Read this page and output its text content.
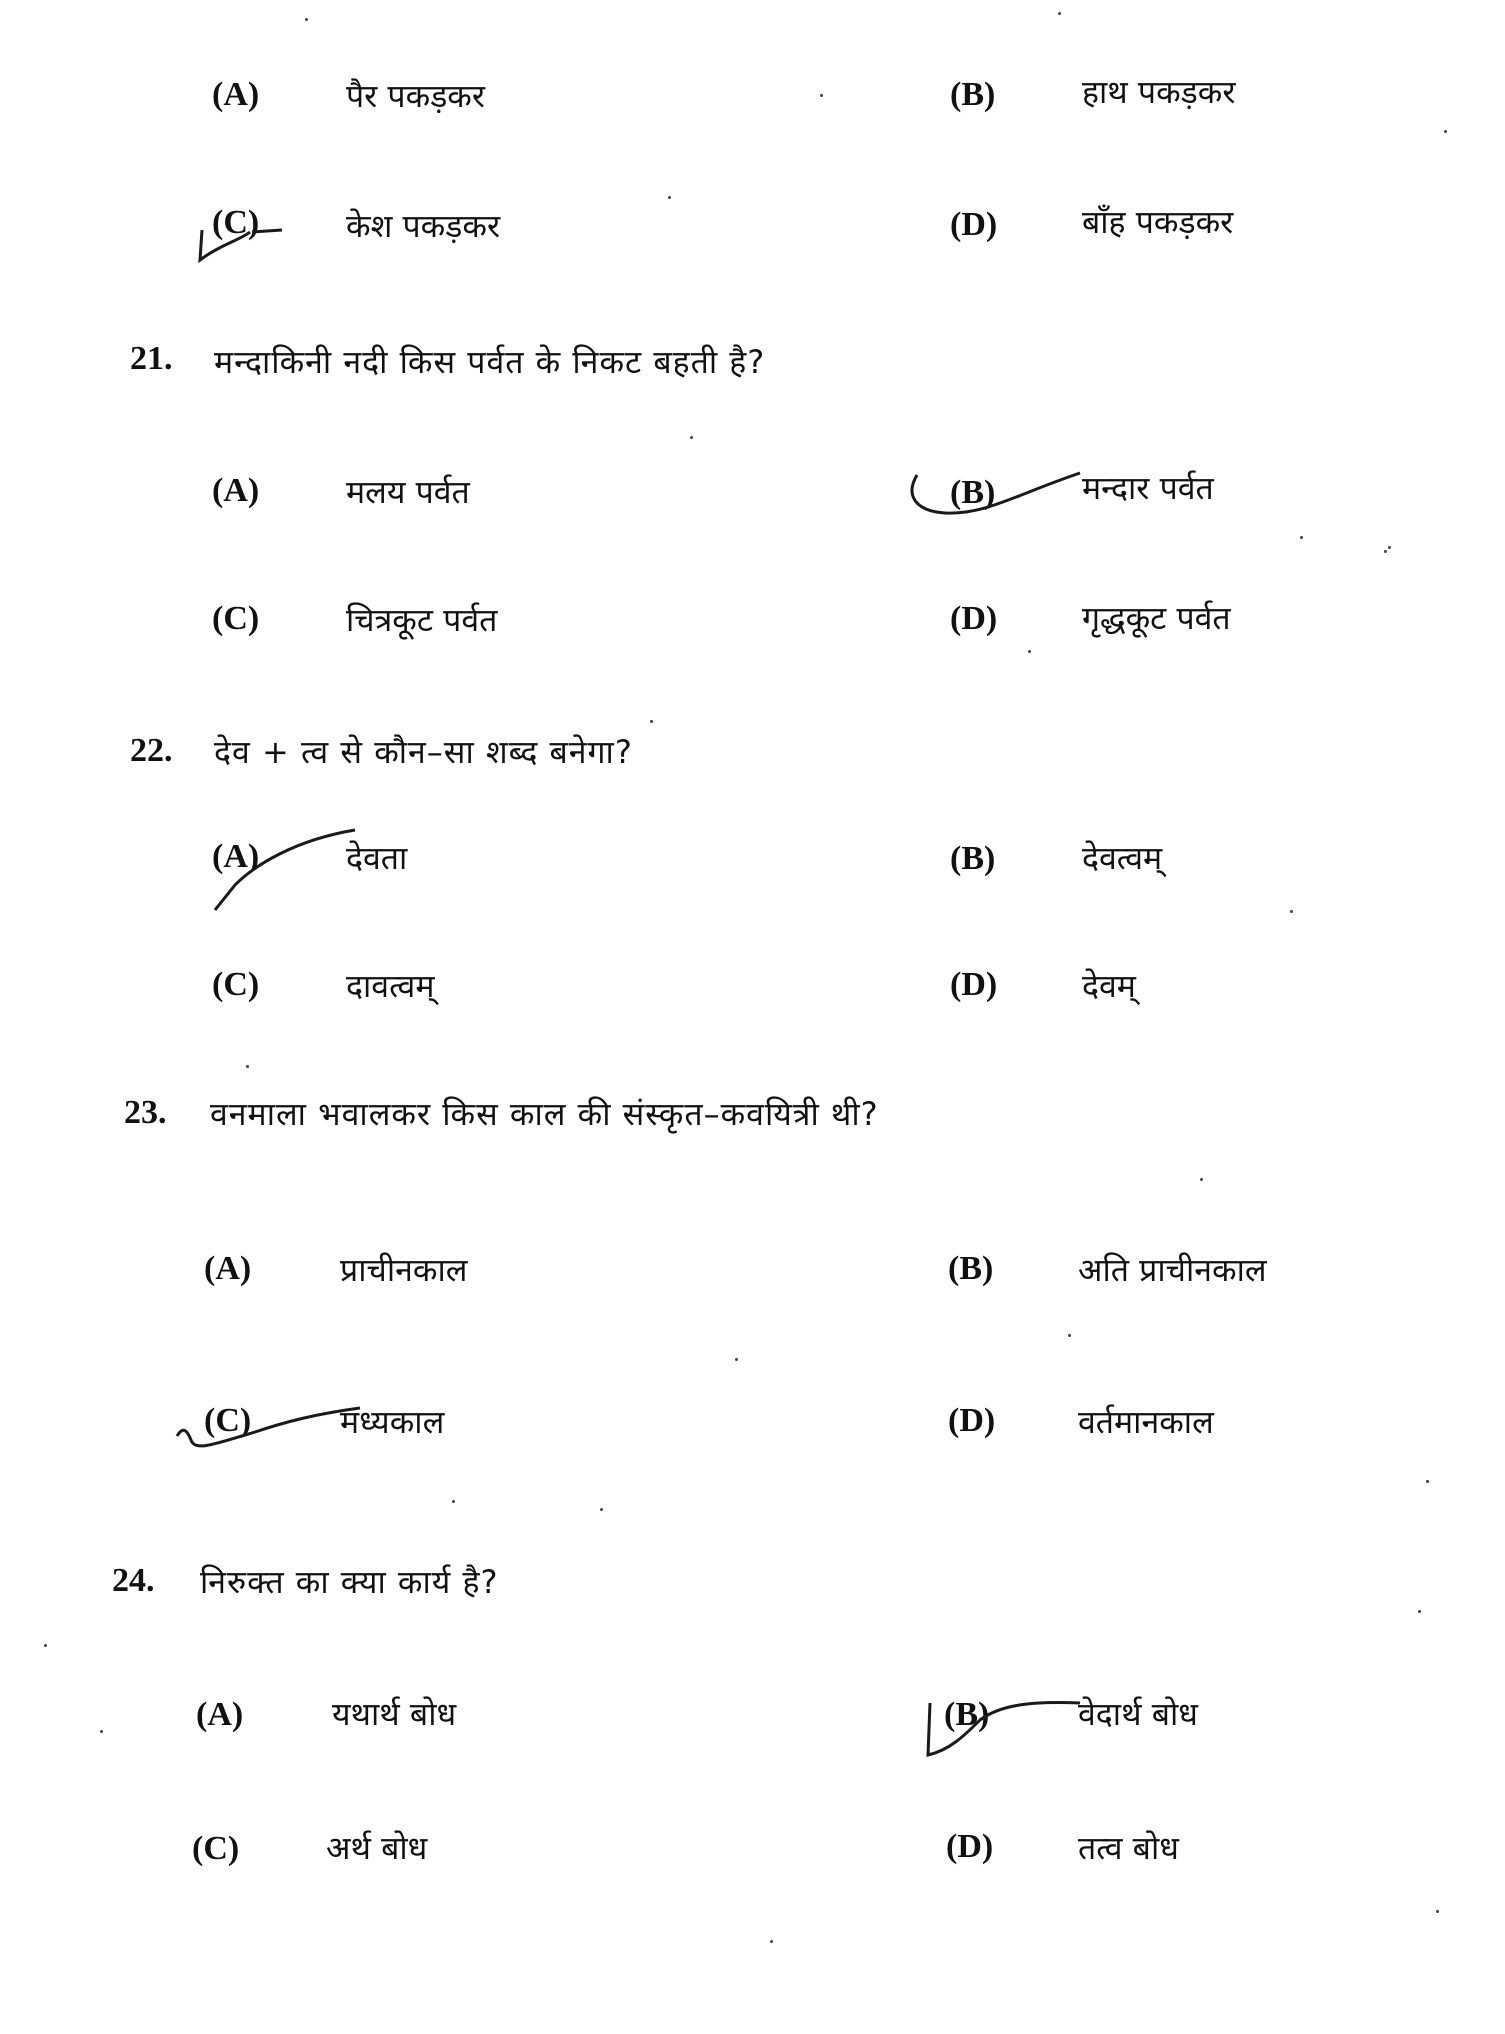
(A)	पैर पकड़कर	(B)	हाथ पकड़कर
(C)	केश पकड़कर	(D)	बाँह पकड़कर
21. मन्दाकिनी नदी किस पर्वत के निकट बहती है?
(A)	मलय पर्वत	(B)	मन्दार पर्वत
(C)	चित्रकूट पर्वत	(D)	गृद्धकूट पर्वत
22. देव + त्व से कौन–सा शब्द बनेगा?
(A)	देवता	(B)	देवत्वम्
(C)	दावत्वम्	(D)	देवम्
23. वनमाला भवालकर किस काल की संस्कृत–कवयित्री थी?
(A)	प्राचीनकाल	(B)	अति प्राचीनकाल
(C)	मध्यकाल	(D)	वर्तमानकाल
24. निरुक्त का क्या कार्य है?
(A)	यथार्थ बोध	(B)	वेदार्थ बोध
(C)	अर्थ बोध	(D)	तत्व बोध
